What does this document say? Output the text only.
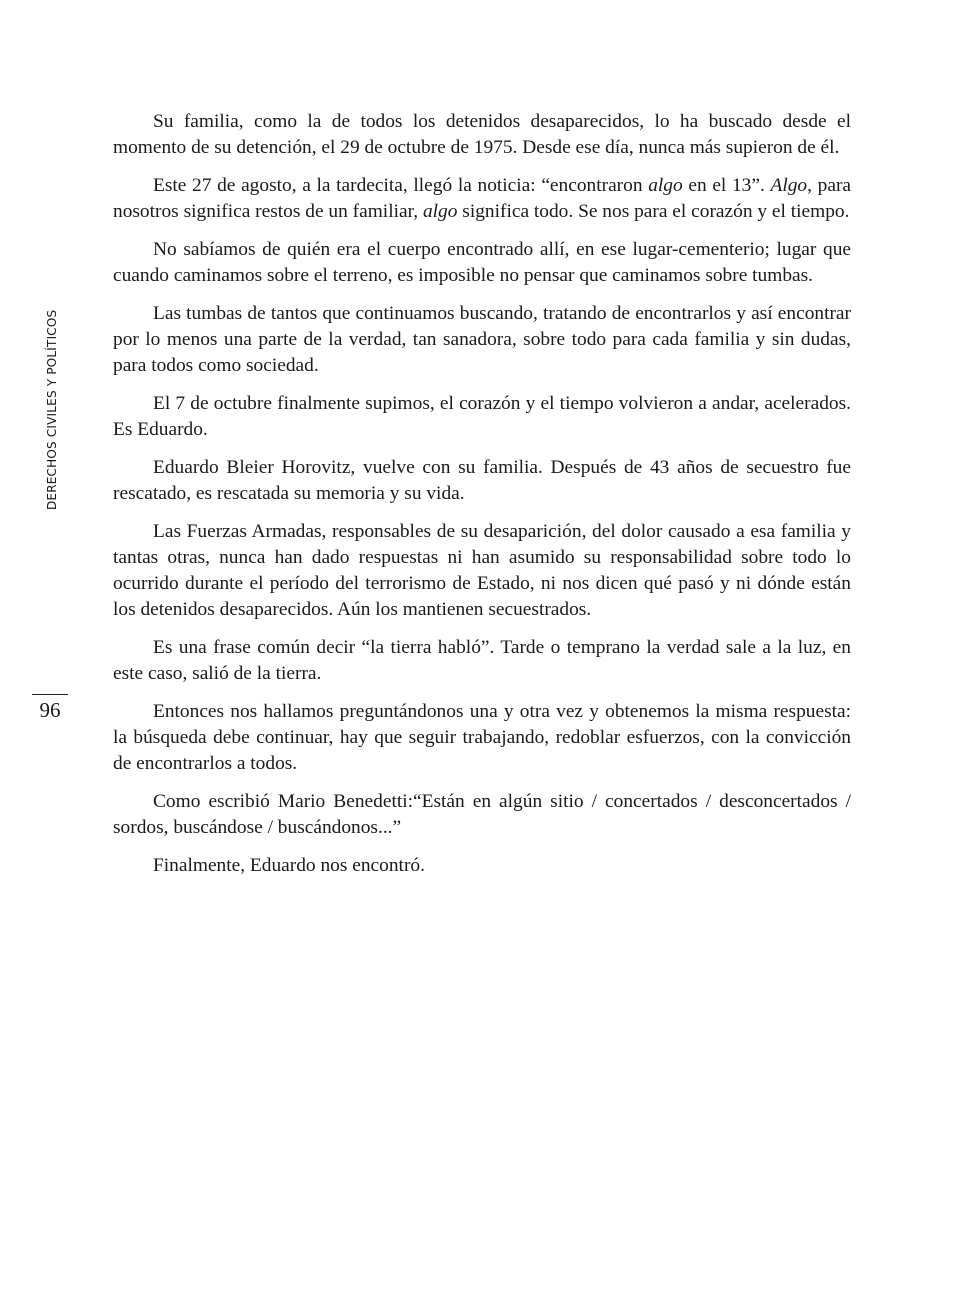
DERECHOS CIVILES Y POLÍTICOS
96

Su familia, como la de todos los detenidos desaparecidos, lo ha buscado desde el momento de su detención, el 29 de octubre de 1975. Desde ese día, nunca más supieron de él.

Este 27 de agosto, a la tardecita, llegó la noticia: “encontraron algo en el 13”. Algo, para nosotros significa restos de un familiar, algo significa todo. Se nos para el corazón y el tiempo.

No sabíamos de quién era el cuerpo encontrado allí, en ese lugar-cementerio; lugar que cuando caminamos sobre el terreno, es imposible no pensar que caminamos sobre tumbas.

Las tumbas de tantos que continuamos buscando, tratando de encontrarlos y así encontrar por lo menos una parte de la verdad, tan sanadora, sobre todo para cada familia y sin dudas, para todos como sociedad.

El 7 de octubre finalmente supimos, el corazón y el tiempo volvieron a andar, acelerados. Es Eduardo.

Eduardo Bleier Horovitz, vuelve con su familia. Después de 43 años de secuestro fue rescatado, es rescatada su memoria y su vida.

Las Fuerzas Armadas, responsables de su desaparición, del dolor causado a esa familia y tantas otras, nunca han dado respuestas ni han asumido su responsabilidad sobre todo lo ocurrido durante el período del terrorismo de Estado, ni nos dicen qué pasó y ni dónde están los detenidos desaparecidos. Aún los mantienen secuestrados.

Es una frase común decir “la tierra habló”. Tarde o temprano la verdad sale a la luz, en este caso, salió de la tierra.

Entonces nos hallamos preguntándonos una y otra vez y obtenemos la misma respuesta: la búsqueda debe continuar, hay que seguir trabajando, redoblar esfuerzos, con la convicción de encontrarlos a todos.

Como escribió Mario Benedetti:“Están en algún sitio / concertados / desconcertados / sordos, buscándose / buscándonos...”

Finalmente, Eduardo nos encontró.
